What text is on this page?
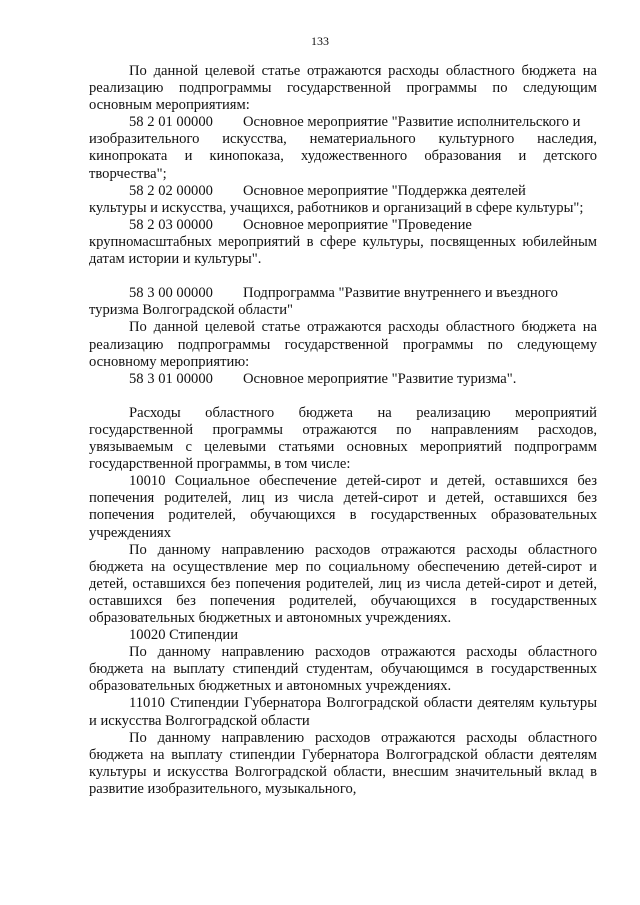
133

По данной целевой статье отражаются расходы областного бюджета на реализацию подпрограммы государственной программы по следующим основным мероприятиям:

58 2 01 00000	Основное мероприятие "Развитие исполнительского и

изобразительного искусства, нематериального культурного наследия, кинопроката и кинопоказа, художественного образования и детского творчества";

58 2 02 00000	Основное мероприятие "Поддержка деятелей

культуры и искусства, учащихся, работников и организаций в сфере культуры";

58 2 03 00000	Основное мероприятие "Проведение

крупномасштабных мероприятий в сфере культуры, посвященных юбилейным датам истории и культуры".

58 3 00 00000	Подпрограмма "Развитие внутреннего и въездного

туризма Волгоградской области"

По данной целевой статье отражаются расходы областного бюджета на реализацию подпрограммы государственной программы по следующему основному мероприятию:

58 3 01 00000	Основное мероприятие "Развитие туризма".

Расходы областного бюджета на реализацию мероприятий государственной программы отражаются по направлениям расходов, увязываемым с целевыми статьями основных мероприятий подпрограмм государственной программы, в том числе:

10010 Социальное обеспечение детей-сирот и детей, оставшихся без попечения родителей, лиц из числа детей-сирот и детей, оставшихся без попечения родителей, обучающихся в государственных образовательных учреждениях

По данному направлению расходов отражаются расходы областного бюджета на осуществление мер по социальному обеспечению детей-сирот и детей, оставшихся без попечения родителей, лиц из числа детей-сирот и детей, оставшихся без попечения родителей, обучающихся в государственных образовательных бюджетных и автономных учреждениях.

10020 Стипендии

По данному направлению расходов отражаются расходы областного бюджета на выплату стипендий студентам, обучающимся в государственных образовательных бюджетных и автономных учреждениях.

11010 Стипендии Губернатора Волгоградской области деятелям культуры и искусства Волгоградской области

По данному направлению расходов отражаются расходы областного бюджета на выплату стипендии Губернатора Волгоградской области деятелям культуры и искусства Волгоградской области, внесшим значительный вклад в развитие изобразительного, музыкального,
